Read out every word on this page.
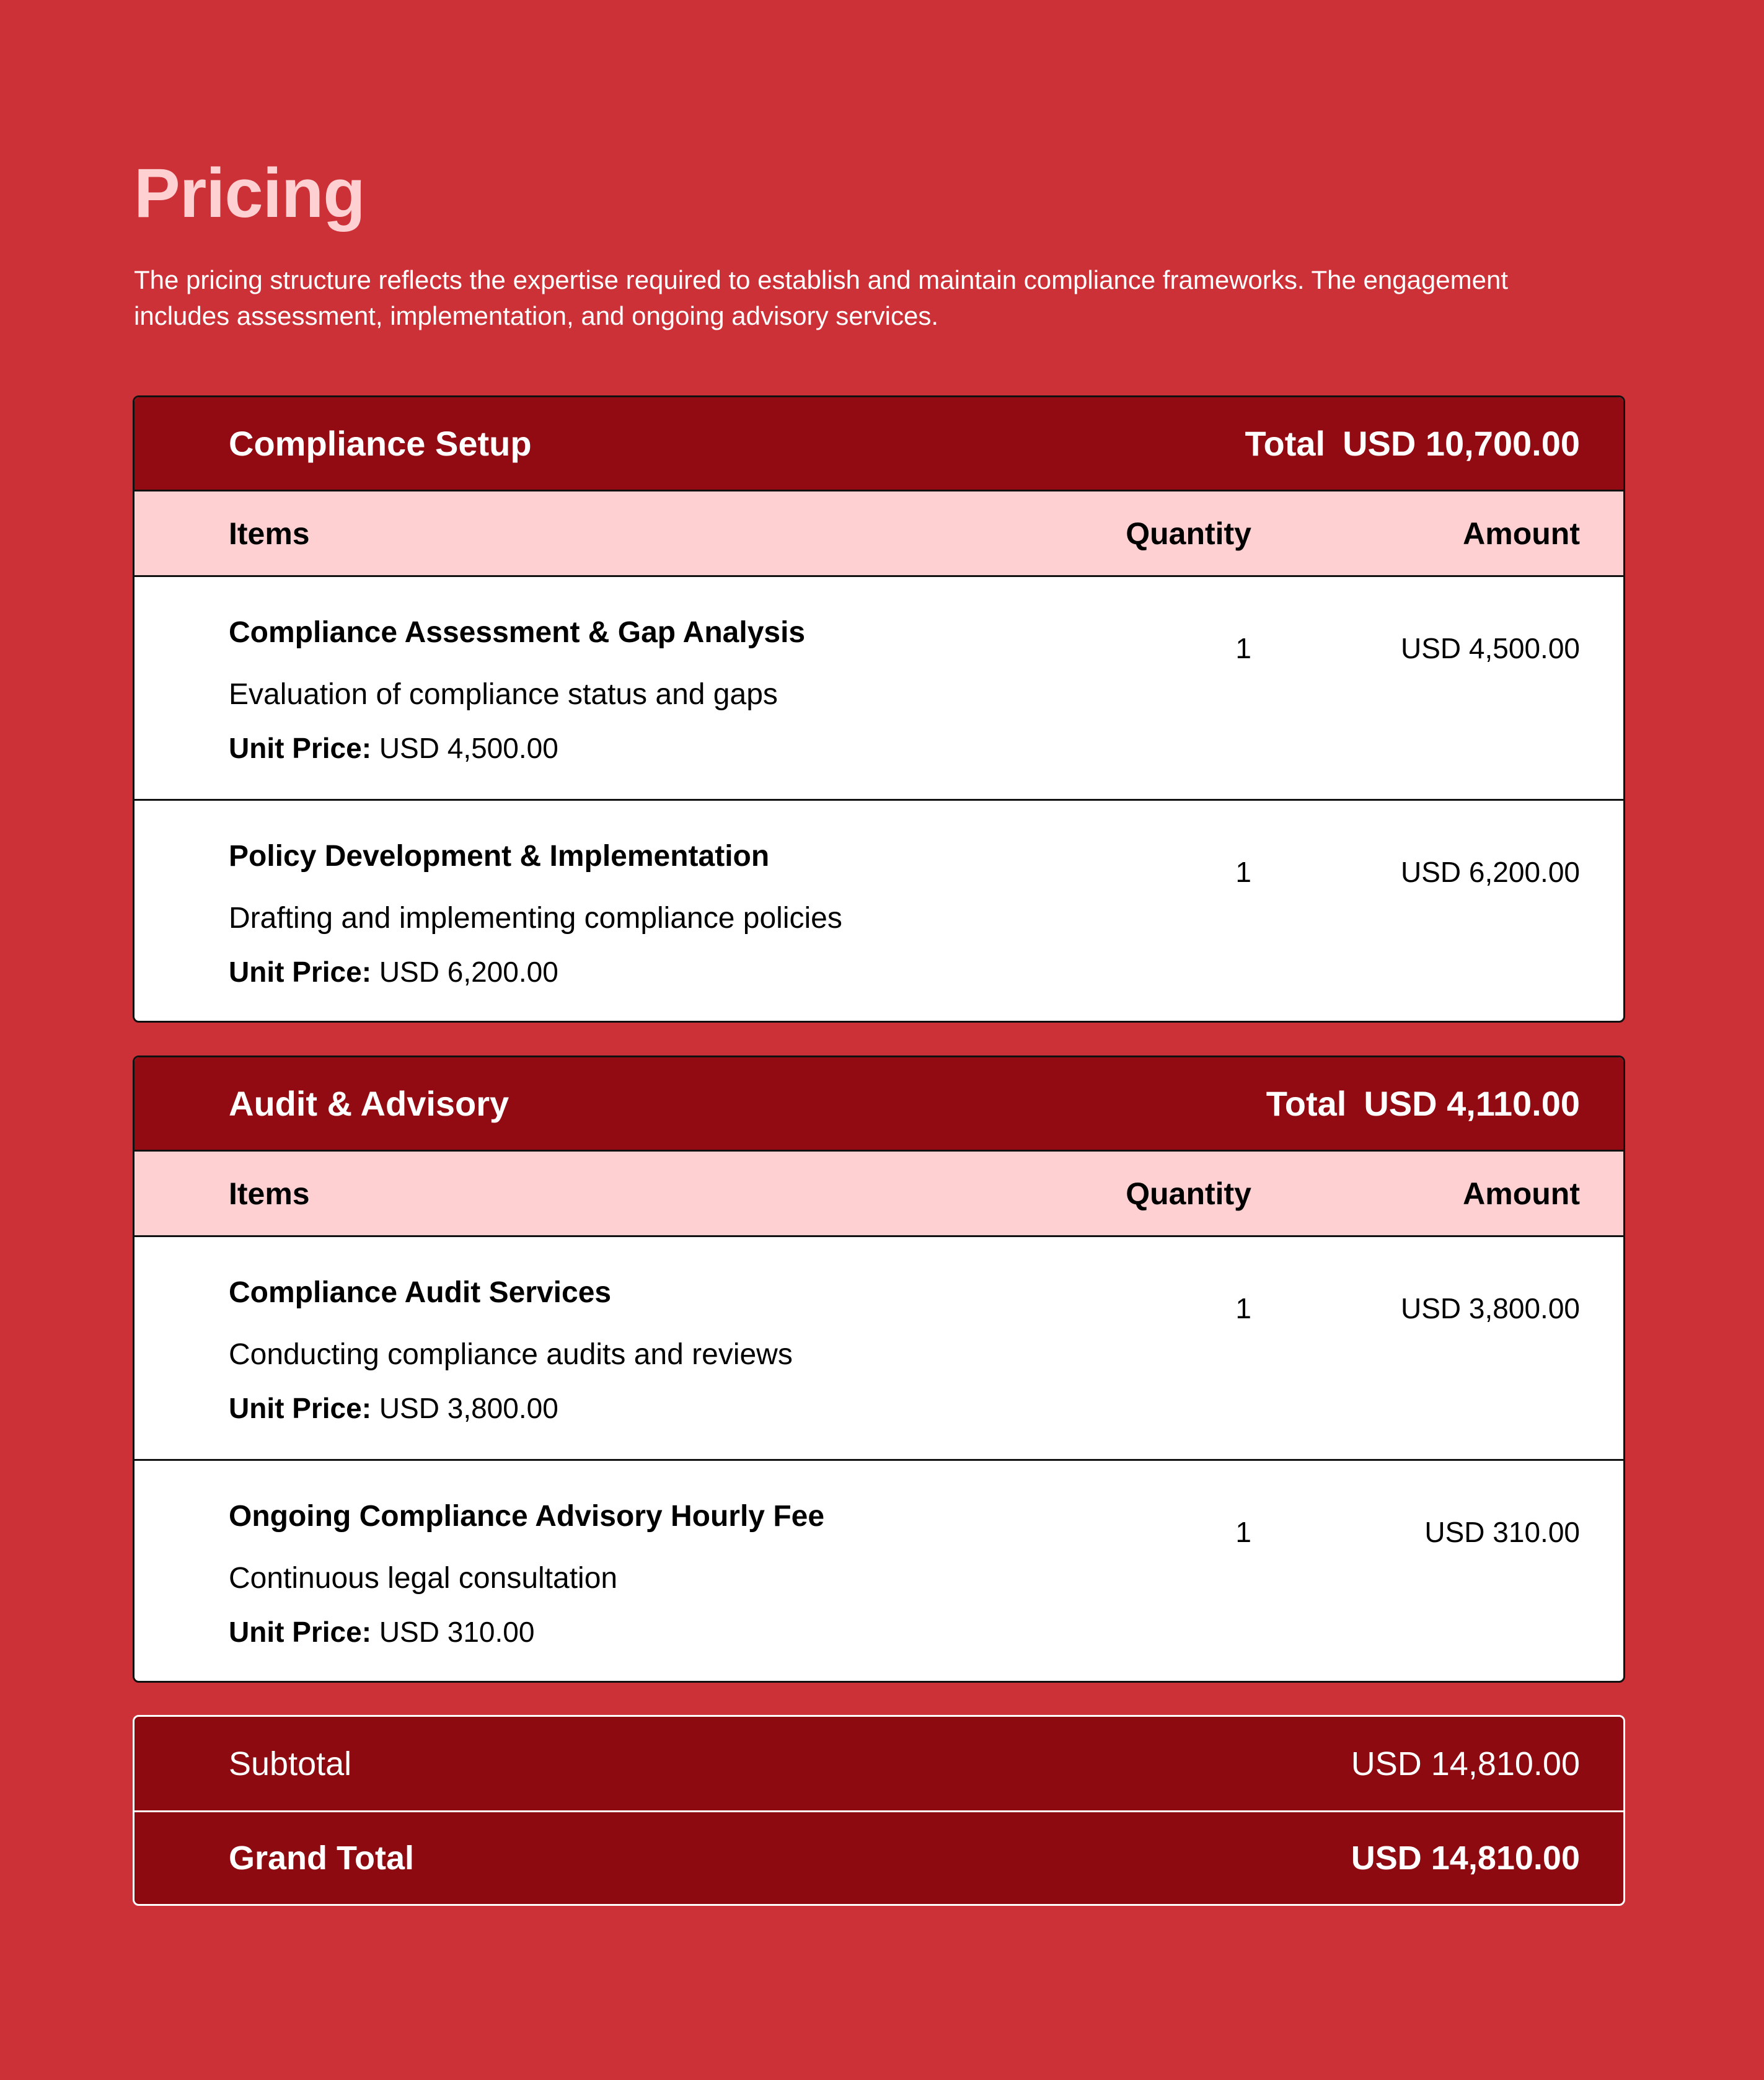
Pricing

The pricing structure reflects the expertise required to establish and maintain compliance frameworks. The engagement includes assessment, implementation, and ongoing advisory services.

Compliance Setup	Total USD 10,700.00
Items	Quantity	Amount
Compliance Assessment & Gap Analysis
Evaluation of compliance status and gaps
Unit Price: USD 4,500.00
1	USD 4,500.00
Policy Development & Implementation
Drafting and implementing compliance policies
Unit Price: USD 6,200.00
1	USD 6,200.00
Audit & Advisory	Total USD 4,110.00
Items	Quantity	Amount
Compliance Audit Services
Conducting compliance audits and reviews
Unit Price: USD 3,800.00
1	USD 3,800.00
Ongoing Compliance Advisory Hourly Fee
Continuous legal consultation
Unit Price: USD 310.00
1	USD 310.00
Subtotal	USD 14,810.00
Grand Total	USD 14,810.00
